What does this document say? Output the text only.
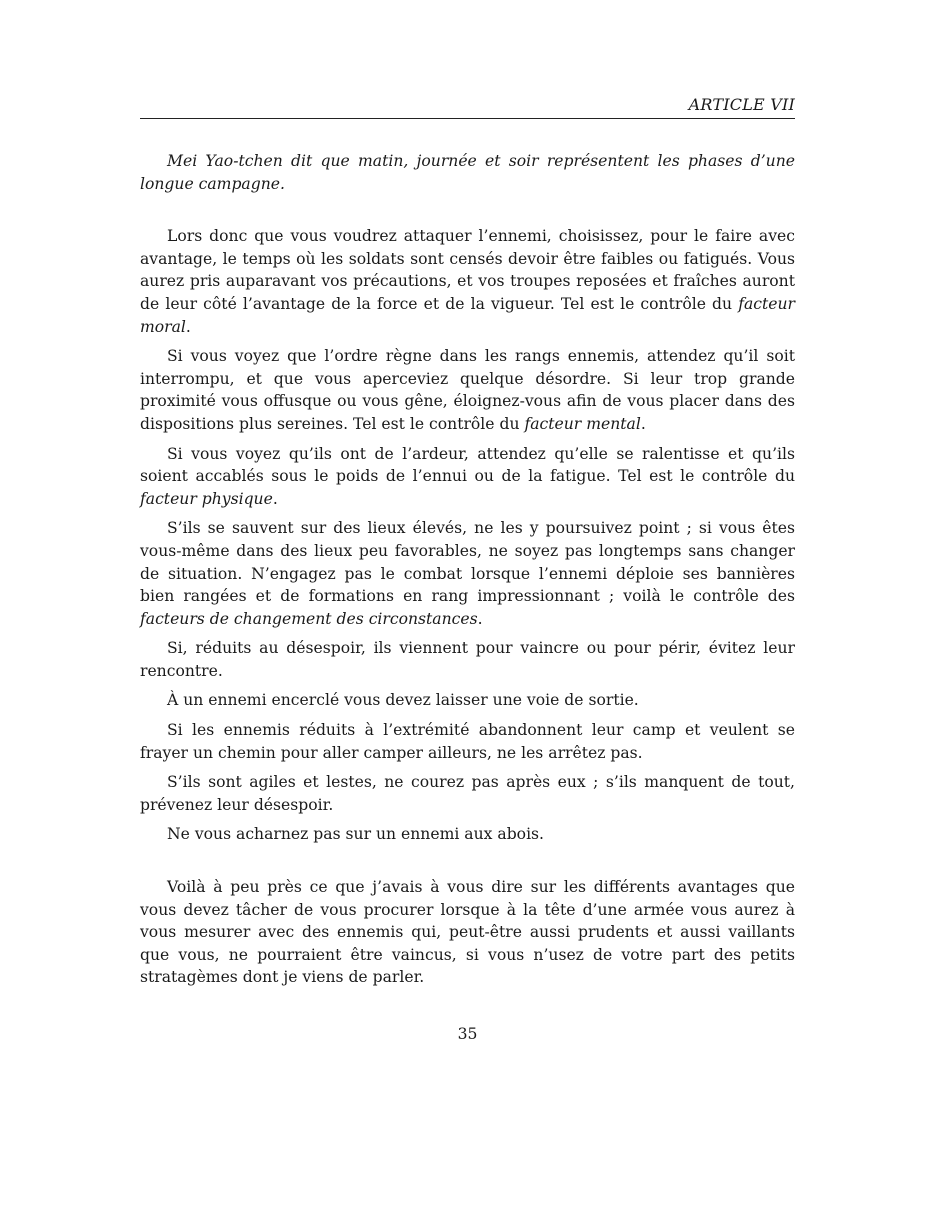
ARTICLE VII

Mei Yao-tchen dit que matin, journée et soir représentent les phases d’une longue campagne.

Lors donc que vous voudrez attaquer l’ennemi, choisissez, pour le faire avec avantage, le temps où les soldats sont censés devoir être faibles ou fatigués. Vous aurez pris auparavant vos précautions, et vos troupes reposées et fraîches auront de leur côté l’avantage de la force et de la vigueur. Tel est le contrôle du facteur moral.

Si vous voyez que l’ordre règne dans les rangs ennemis, attendez qu’il soit interrompu, et que vous aperceviez quelque désordre. Si leur trop grande proximité vous offusque ou vous gêne, éloignez-vous afin de vous placer dans des dispositions plus sereines. Tel est le contrôle du facteur mental.

Si vous voyez qu’ils ont de l’ardeur, attendez qu’elle se ralentisse et qu’ils soient accablés sous le poids de l’ennui ou de la fatigue. Tel est le contrôle du facteur physique.

S’ils se sauvent sur des lieux élevés, ne les y poursuivez point ; si vous êtes vous-même dans des lieux peu favorables, ne soyez pas longtemps sans changer de situation. N’engagez pas le combat lorsque l’ennemi déploie ses bannières bien rangées et de formations en rang impressionnant ; voilà le contrôle des facteurs de changement des circonstances.

Si, réduits au désespoir, ils viennent pour vaincre ou pour périr, évitez leur rencontre.

À un ennemi encerclé vous devez laisser une voie de sortie.

Si les ennemis réduits à l’extrémité abandonnent leur camp et veulent se frayer un chemin pour aller camper ailleurs, ne les arrêtez pas.

S’ils sont agiles et lestes, ne courez pas après eux ; s’ils manquent de tout, prévenez leur désespoir.

Ne vous acharnez pas sur un ennemi aux abois.

Voilà à peu près ce que j’avais à vous dire sur les différents avantages que vous devez tâcher de vous procurer lorsque à la tête d’une armée vous aurez à vous mesurer avec des ennemis qui, peut-être aussi prudents et aussi vaillants que vous, ne pourraient être vaincus, si vous n’usez de votre part des petits stratagèmes dont je viens de parler.

35
